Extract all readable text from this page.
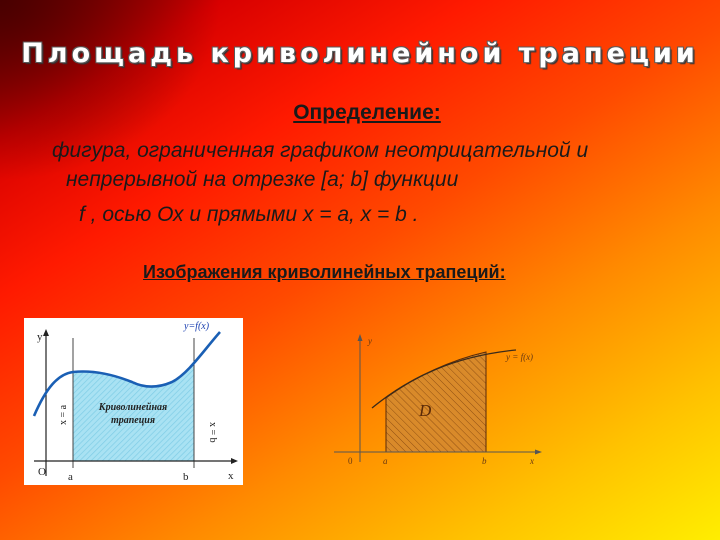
Площадь криволинейной трапеции
Определение:
фигура, ограниченная графиком неотрицательной и
непрерывной на отрезке [a; b] функции
f , осью Ох и прямыми х = а, х = b .
Изображения криволинейных трапеций:
y=f(x)
y
x
O a	b
x = a
x = b
Криволинейная
трапеция
y = f(x)
y
x
0	a	b
D
